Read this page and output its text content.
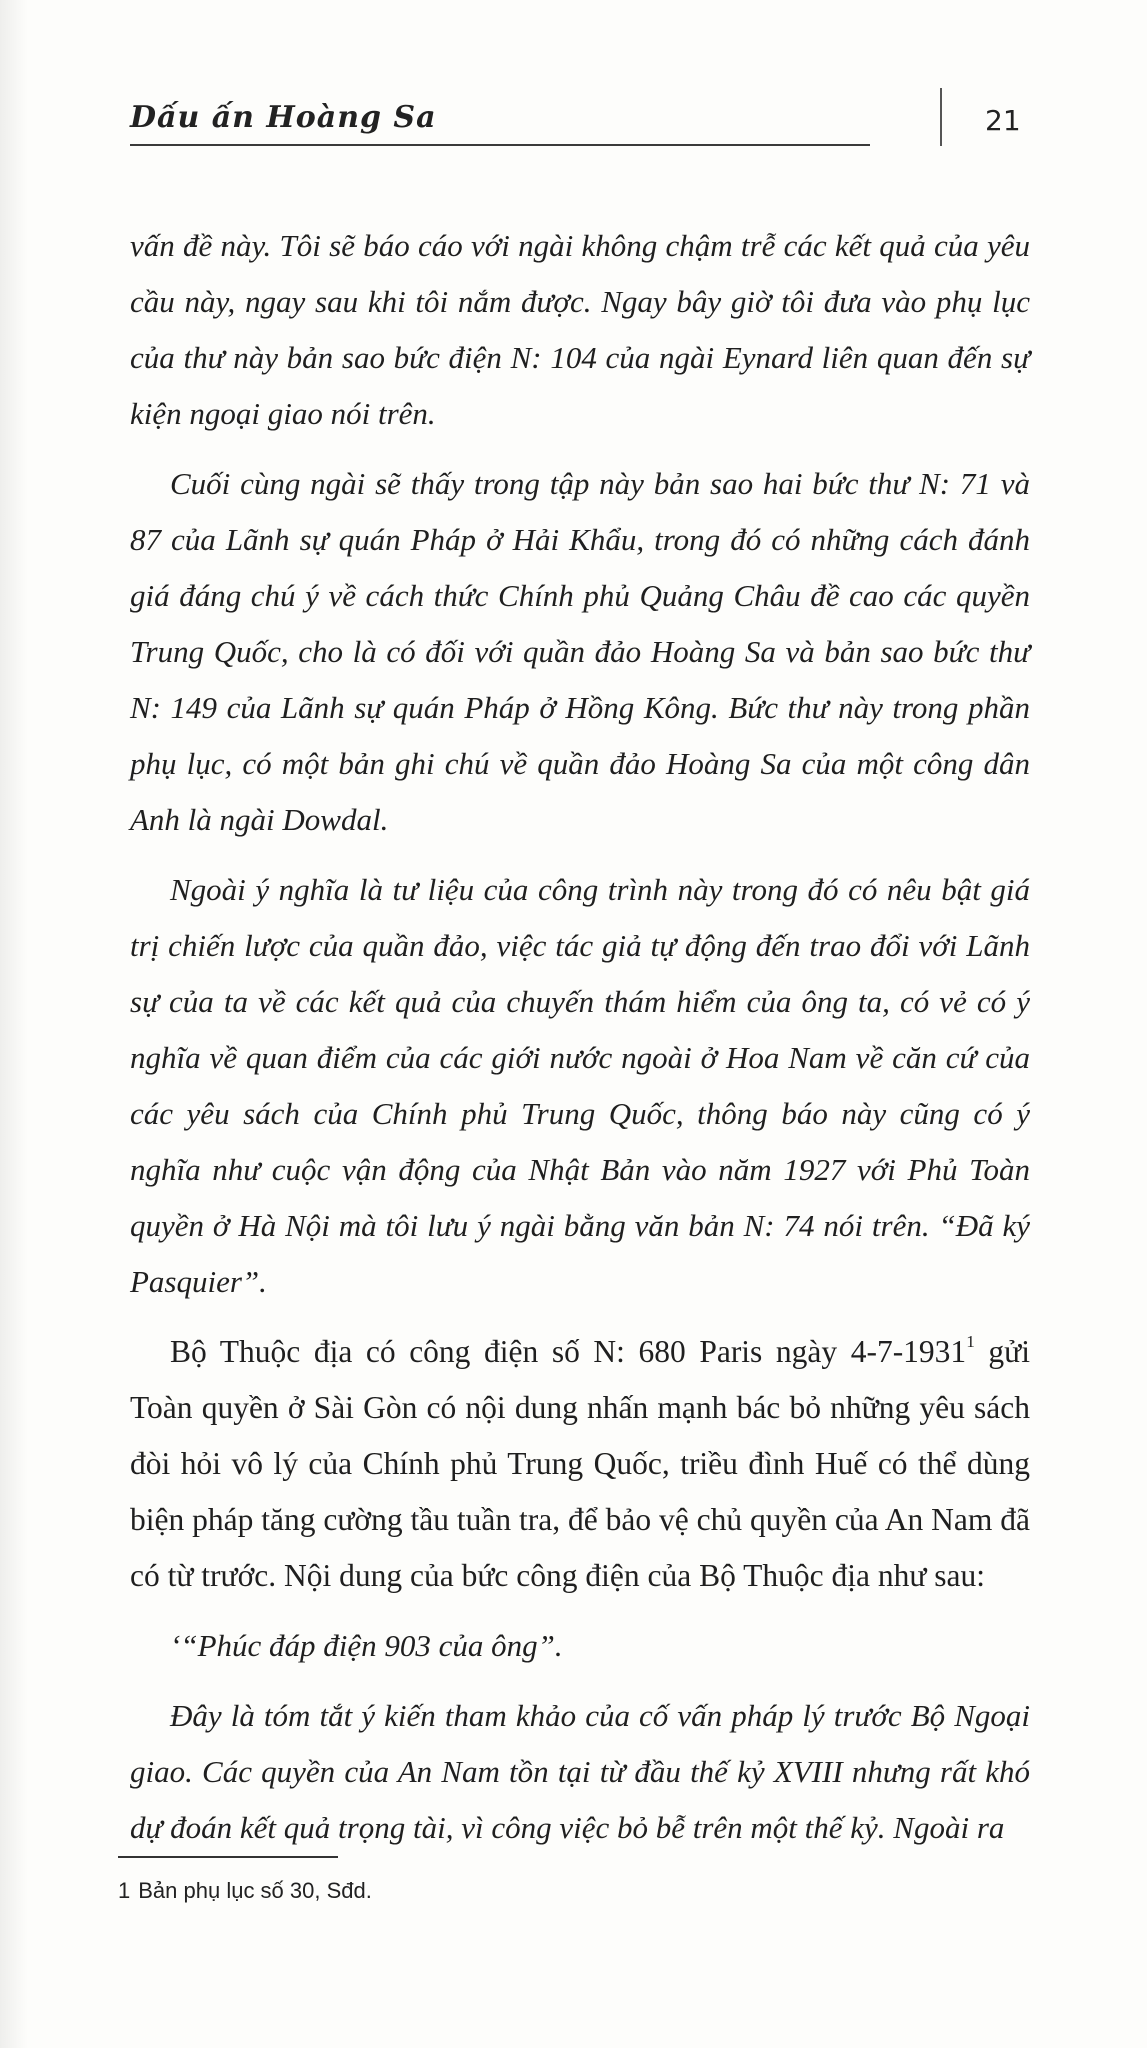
Dấu ấn Hoàng Sa	21

vấn đề này. Tôi sẽ báo cáo với ngài không chậm trễ các kết quả của yêu cầu này, ngay sau khi tôi nắm được. Ngay bây giờ tôi đưa vào phụ lục của thư này bản sao bức điện N: 104 của ngài Eynard liên quan đến sự kiện ngoại giao nói trên.

Cuối cùng ngài sẽ thấy trong tập này bản sao hai bức thư N: 71 và 87 của Lãnh sự quán Pháp ở Hải Khẩu, trong đó có những cách đánh giá đáng chú ý về cách thức Chính phủ Quảng Châu đề cao các quyền Trung Quốc, cho là có đối với quần đảo Hoàng Sa và bản sao bức thư N: 149 của Lãnh sự quán Pháp ở Hồng Kông. Bức thư này trong phần phụ lục, có một bản ghi chú về quần đảo Hoàng Sa của một công dân Anh là ngài Dowdal.

Ngoài ý nghĩa là tư liệu của công trình này trong đó có nêu bật giá trị chiến lược của quần đảo, việc tác giả tự động đến trao đổi với Lãnh sự của ta về các kết quả của chuyến thám hiểm của ông ta, có vẻ có ý nghĩa về quan điểm của các giới nước ngoài ở Hoa Nam về căn cứ của các yêu sách của Chính phủ Trung Quốc, thông báo này cũng có ý nghĩa như cuộc vận động của Nhật Bản vào năm 1927 với Phủ Toàn quyền ở Hà Nội mà tôi lưu ý ngài bằng văn bản N: 74 nói trên. “Đã ký Pasquier”.

Bộ Thuộc địa có công điện số N: 680 Paris ngày 4-7-1931$^1$ gửi Toàn quyền ở Sài Gòn có nội dung nhấn mạnh bác bỏ những yêu sách đòi hỏi vô lý của Chính phủ Trung Quốc, triều đình Huế có thể dùng biện pháp tăng cường tầu tuần tra, để bảo vệ chủ quyền của An Nam đã có từ trước. Nội dung của bức công điện của Bộ Thuộc địa như sau:

‘“Phúc đáp điện 903 của ông”.

Đây là tóm tắt ý kiến tham khảo của cố vấn pháp lý trước Bộ Ngoại giao. Các quyền của An Nam tồn tại từ đầu thế kỷ XVIII nhưng rất khó dự đoán kết quả trọng tài, vì công việc bỏ bễ trên một thế kỷ. Ngoài ra

1 Bản phụ lục số 30, Sđd.
